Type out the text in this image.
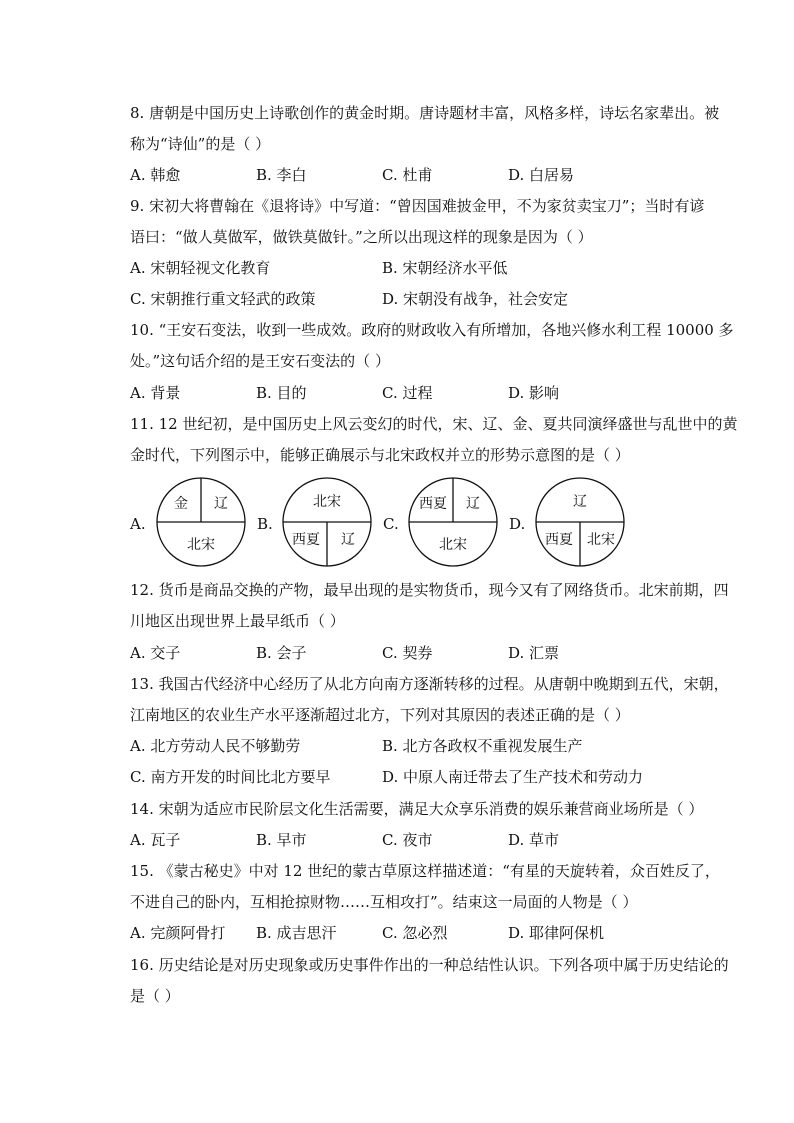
8. 唐朝是中国历史上诗歌创作的黄金时期。唐诗题材丰富，风格多样，诗坛名家辈出。被
称为“诗仙”的是（ ）
A. 韩愈	B. 李白	C. 杜甫	D. 白居易
9. 宋初大将曹翰在《退将诗》中写道：“曾因国难披金甲，不为家贫卖宝刀”；当时有谚
语曰：“做人莫做军，做铁莫做针。”之所以出现这样的现象是因为（ ）
A. 宋朝轻视文化教育	B. 宋朝经济水平低
C. 宋朝推行重文轻武的政策	D. 宋朝没有战争，社会安定
10. “王安石变法，收到一些成效。政府的财政收入有所增加，各地兴修水利工程 10000 多
处。”这句话介绍的是王安石变法的（ ）
A. 背景	B. 目的	C. 过程	D. 影响
11. 12 世纪初，是中国历史上风云变幻的时代，宋、辽、金、夏共同演绎盛世与乱世中的黄
金时代，下列图示中，能够正确展示与北宋政权并立的形势示意图的是（ ）
A.
金 辽
北宋
B.
北宋
西夏 辽
C.
西夏 辽
北宋
D.
辽
西夏 北宋
12. 货币是商品交换的产物，最早出现的是实物货币，现今又有了网络货币。北宋前期，四
川地区出现世界上最早纸币（ ）
A. 交子	B. 会子	C. 契券	D. 汇票
13. 我国古代经济中心经历了从北方向南方逐渐转移的过程。从唐朝中晚期到五代，宋朝，
江南地区的农业生产水平逐渐超过北方，下列对其原因的表述正确的是（ ）
A. 北方劳动人民不够勤劳	B. 北方各政权不重视发展生产
C. 南方开发的时间比北方要早	D. 中原人南迁带去了生产技术和劳动力
14. 宋朝为适应市民阶层文化生活需要，满足大众享乐消费的娱乐兼营商业场所是（ ）
A. 瓦子	B. 早市	C. 夜市	D. 草市
15. 《蒙古秘史》中对 12 世纪的蒙古草原这样描述道：“有星的天旋转着，众百姓反了，
不进自己的卧内，互相抢掠财物……互相攻打”。结束这一局面的人物是（ ）
A. 完颜阿骨打 B. 成吉思汗	C. 忽必烈	D. 耶律阿保机
16. 历史结论是对历史现象或历史事件作出的一种总结性认识。下列各项中属于历史结论的
是（ ）
